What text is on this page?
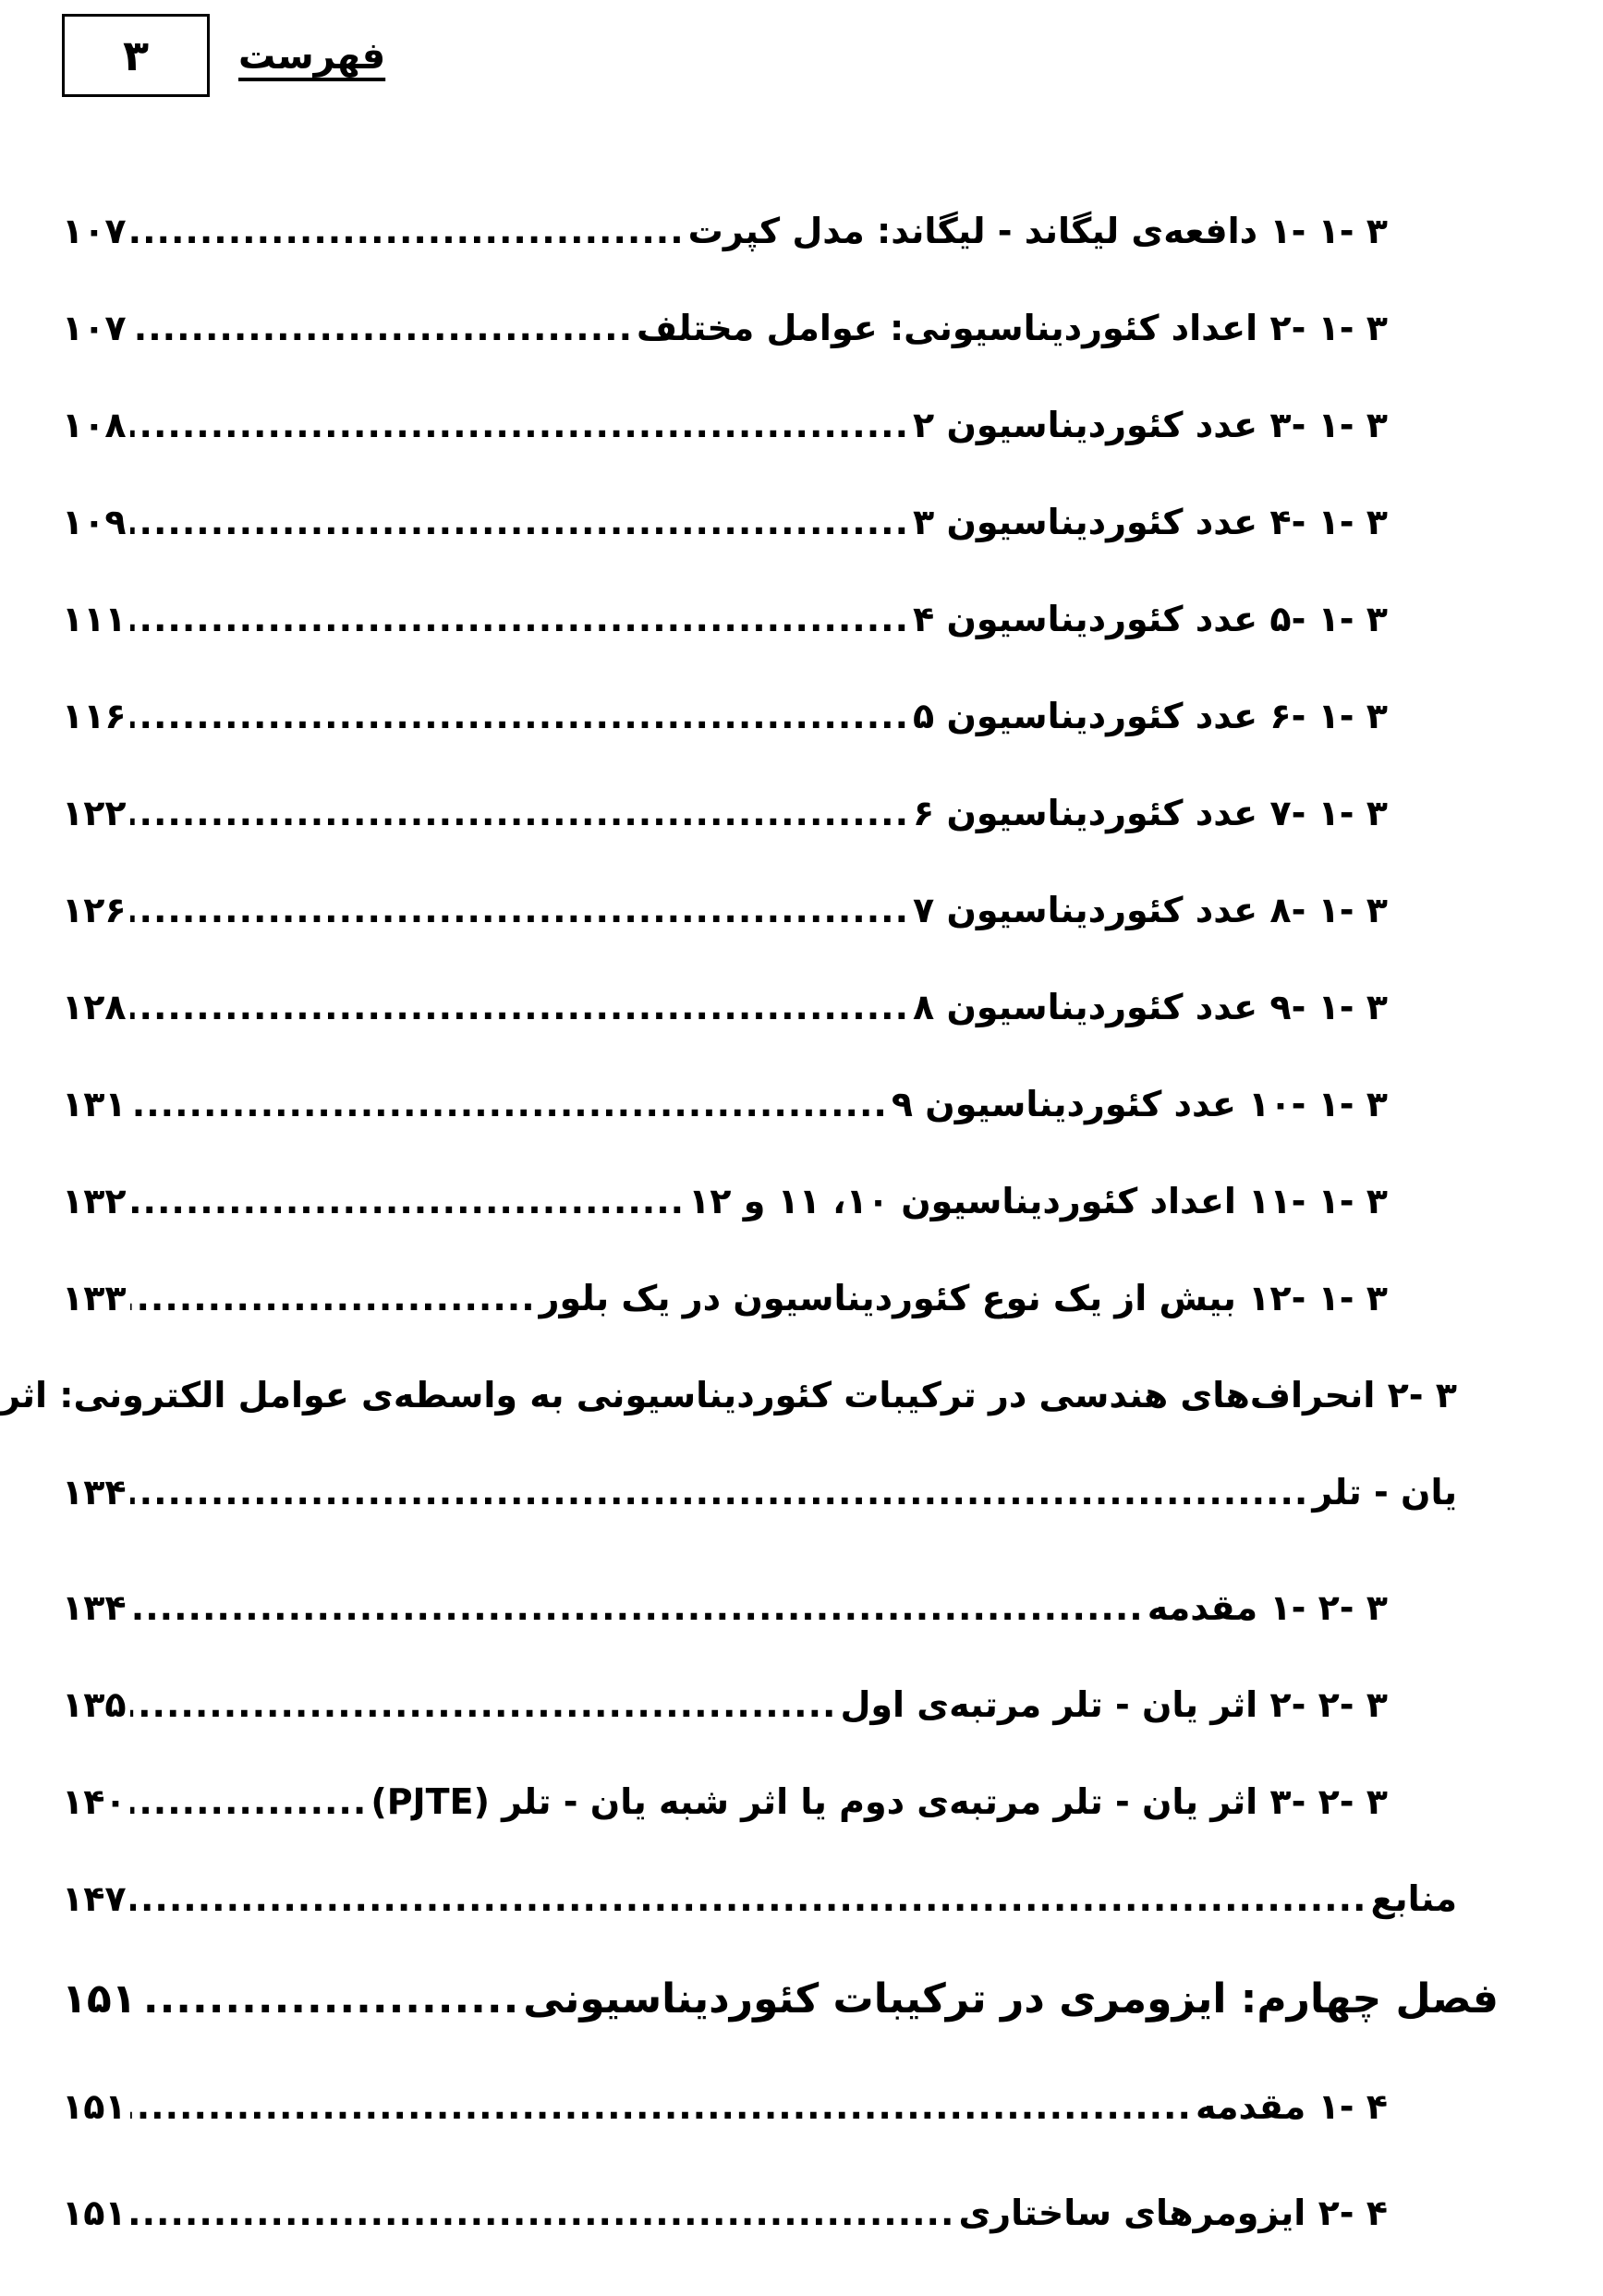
۳ فهرست
۳ -۱ -۱ دافعه‌ی لیگاند - لیگاند: مدل کپرت
.....
۱۰۷
۳ -۱ -۲ اعداد کئوردیناسیونی: عوامل مختلف
.....
۱۰۷
۳ -۱ -۳ عدد کئوردیناسیون ۲
.....
۱۰۸
۳ -۱ -۴ عدد کئوردیناسیون ۳
.....
۱۰۹
۳ -۱ -۵ عدد کئوردیناسیون ۴
.....
۱۱۱
۳ -۱ -۶ عدد کئوردیناسیون ۵
.....
۱۱۶
۳ -۱ -۷ عدد کئوردیناسیون ۶
.....
۱۲۲
۳ -۱ -۸ عدد کئوردیناسیون ۷
.....
۱۲۶
۳ -۱ -۹ عدد کئوردیناسیون ۸
.....
۱۲۸
۳ -۱ -۱۰ عدد کئوردیناسیون ۹
.....
۱۳۱
۳ -۱ -۱۱ اعداد کئوردیناسیون ۱۰، ۱۱ و ۱۲
.....
۱۳۲
۳ -۱ -۱۲ بیش از یک نوع کئوردیناسیون در یک بلور
.....
۱۳۳
۳ -۲ انحراف‌های هندسی در ترکیبات کئوردیناسیونی به واسطه‌ی عوامل الکترونی: اثر
یان - تلر
.....
۱۳۴
۳ -۲ -۱ مقدمه
.....
۱۳۴
۳ -۲ -۲ اثر یان - تلر مرتبه‌ی اول
.....
۱۳۵
۳ -۲ -۳ اثر یان - تلر مرتبه‌ی دوم یا اثر شبه یان - تلر (PJTE)
.....
۱۴۰
منابع
.....
۱۴۷
فصل چهارم: ایزومری در ترکیبات کئوردیناسیونی
.....
۱۵۱
۴ -۱ مقدمه
.....
۱۵۱
۴ -۲ ایزومرهای ساختاری
.....
۱۵۱
